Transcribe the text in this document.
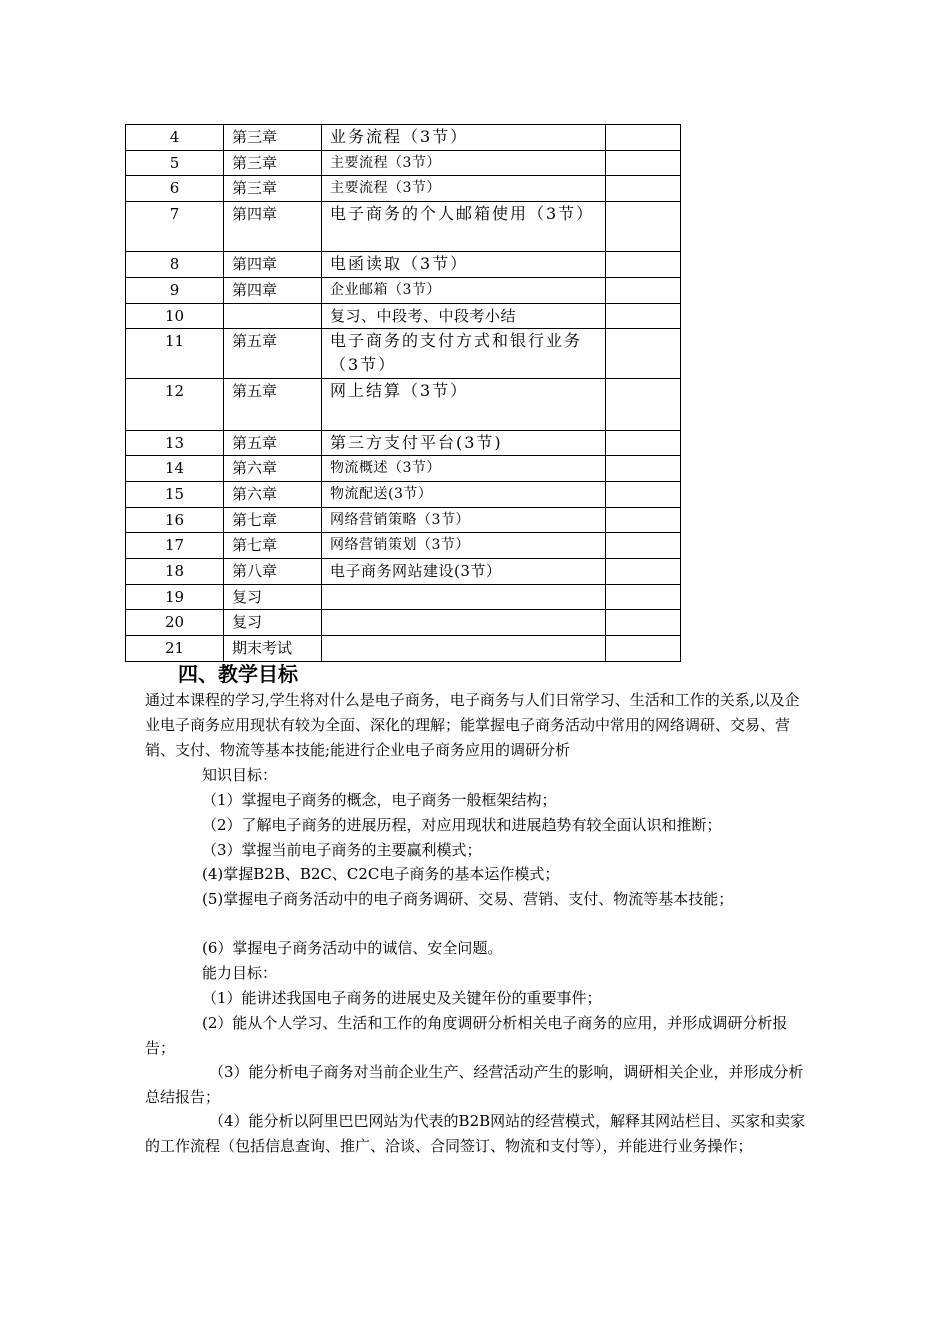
4	第三章	业务流程（3节）	
5	第三章	主要流程（3节）	
6	第三章	主要流程（3节）	
7	第四章	电子商务的个人邮箱使用（3节）	
8	第四章	电函读取（3节）	
9	第四章	企业邮箱（3节）	
10		复习、中段考、中段考小结	
11	第五章	电子商务的支付方式和银行业务（3节）	
12	第五章	网上结算（3节）	
13	第五章	第三方支付平台(3节)	
14	第六章	物流概述（3节）	
15	第六章	物流配送(3节）	
16	第七章	网络营销策略（3节）	
17	第七章	网络营销策划（3节）	
18	第八章	电子商务网站建设(3节）	
19	复习		
20	复习		
21	期末考试		
四、教学目标

通过本课程的学习,学生将对什么是电子商务，电子商务与人们日常学习、生活和工作的关系,以及企业电子商务应用现状有较为全面、深化的理解；能掌握电子商务活动中常用的网络调研、交易、营销、支付、物流等基本技能;能进行企业电子商务应用的调研分析

知识目标：
（1）掌握电子商务的概念，电子商务一般框架结构；
（2）了解电子商务的进展历程，对应用现状和进展趋势有较全面认识和推断；
（3）掌握当前电子商务的主要赢利模式；
(4)掌握B2B、B2C、C2C电子商务的基本运作模式；
(5)掌握电子商务活动中的电子商务调研、交易、营销、支付、物流等基本技能；
(6）掌握电子商务活动中的诚信、安全问题。
能力目标：
（1）能讲述我国电子商务的进展史及关键年份的重要事件；

(2）能从个人学习、生活和工作的角度调研分析相关电子商务的应用，并形成调研分析报告；

（3）能分析电子商务对当前企业生产、经营活动产生的影响，调研相关企业，并形成分析总结报告；

（4）能分析以阿里巴巴网站为代表的B2B网站的经营模式，解释其网站栏目、买家和卖家的工作流程（包括信息查询、推广、洽谈、合同签订、物流和支付等），并能进行业务操作；
